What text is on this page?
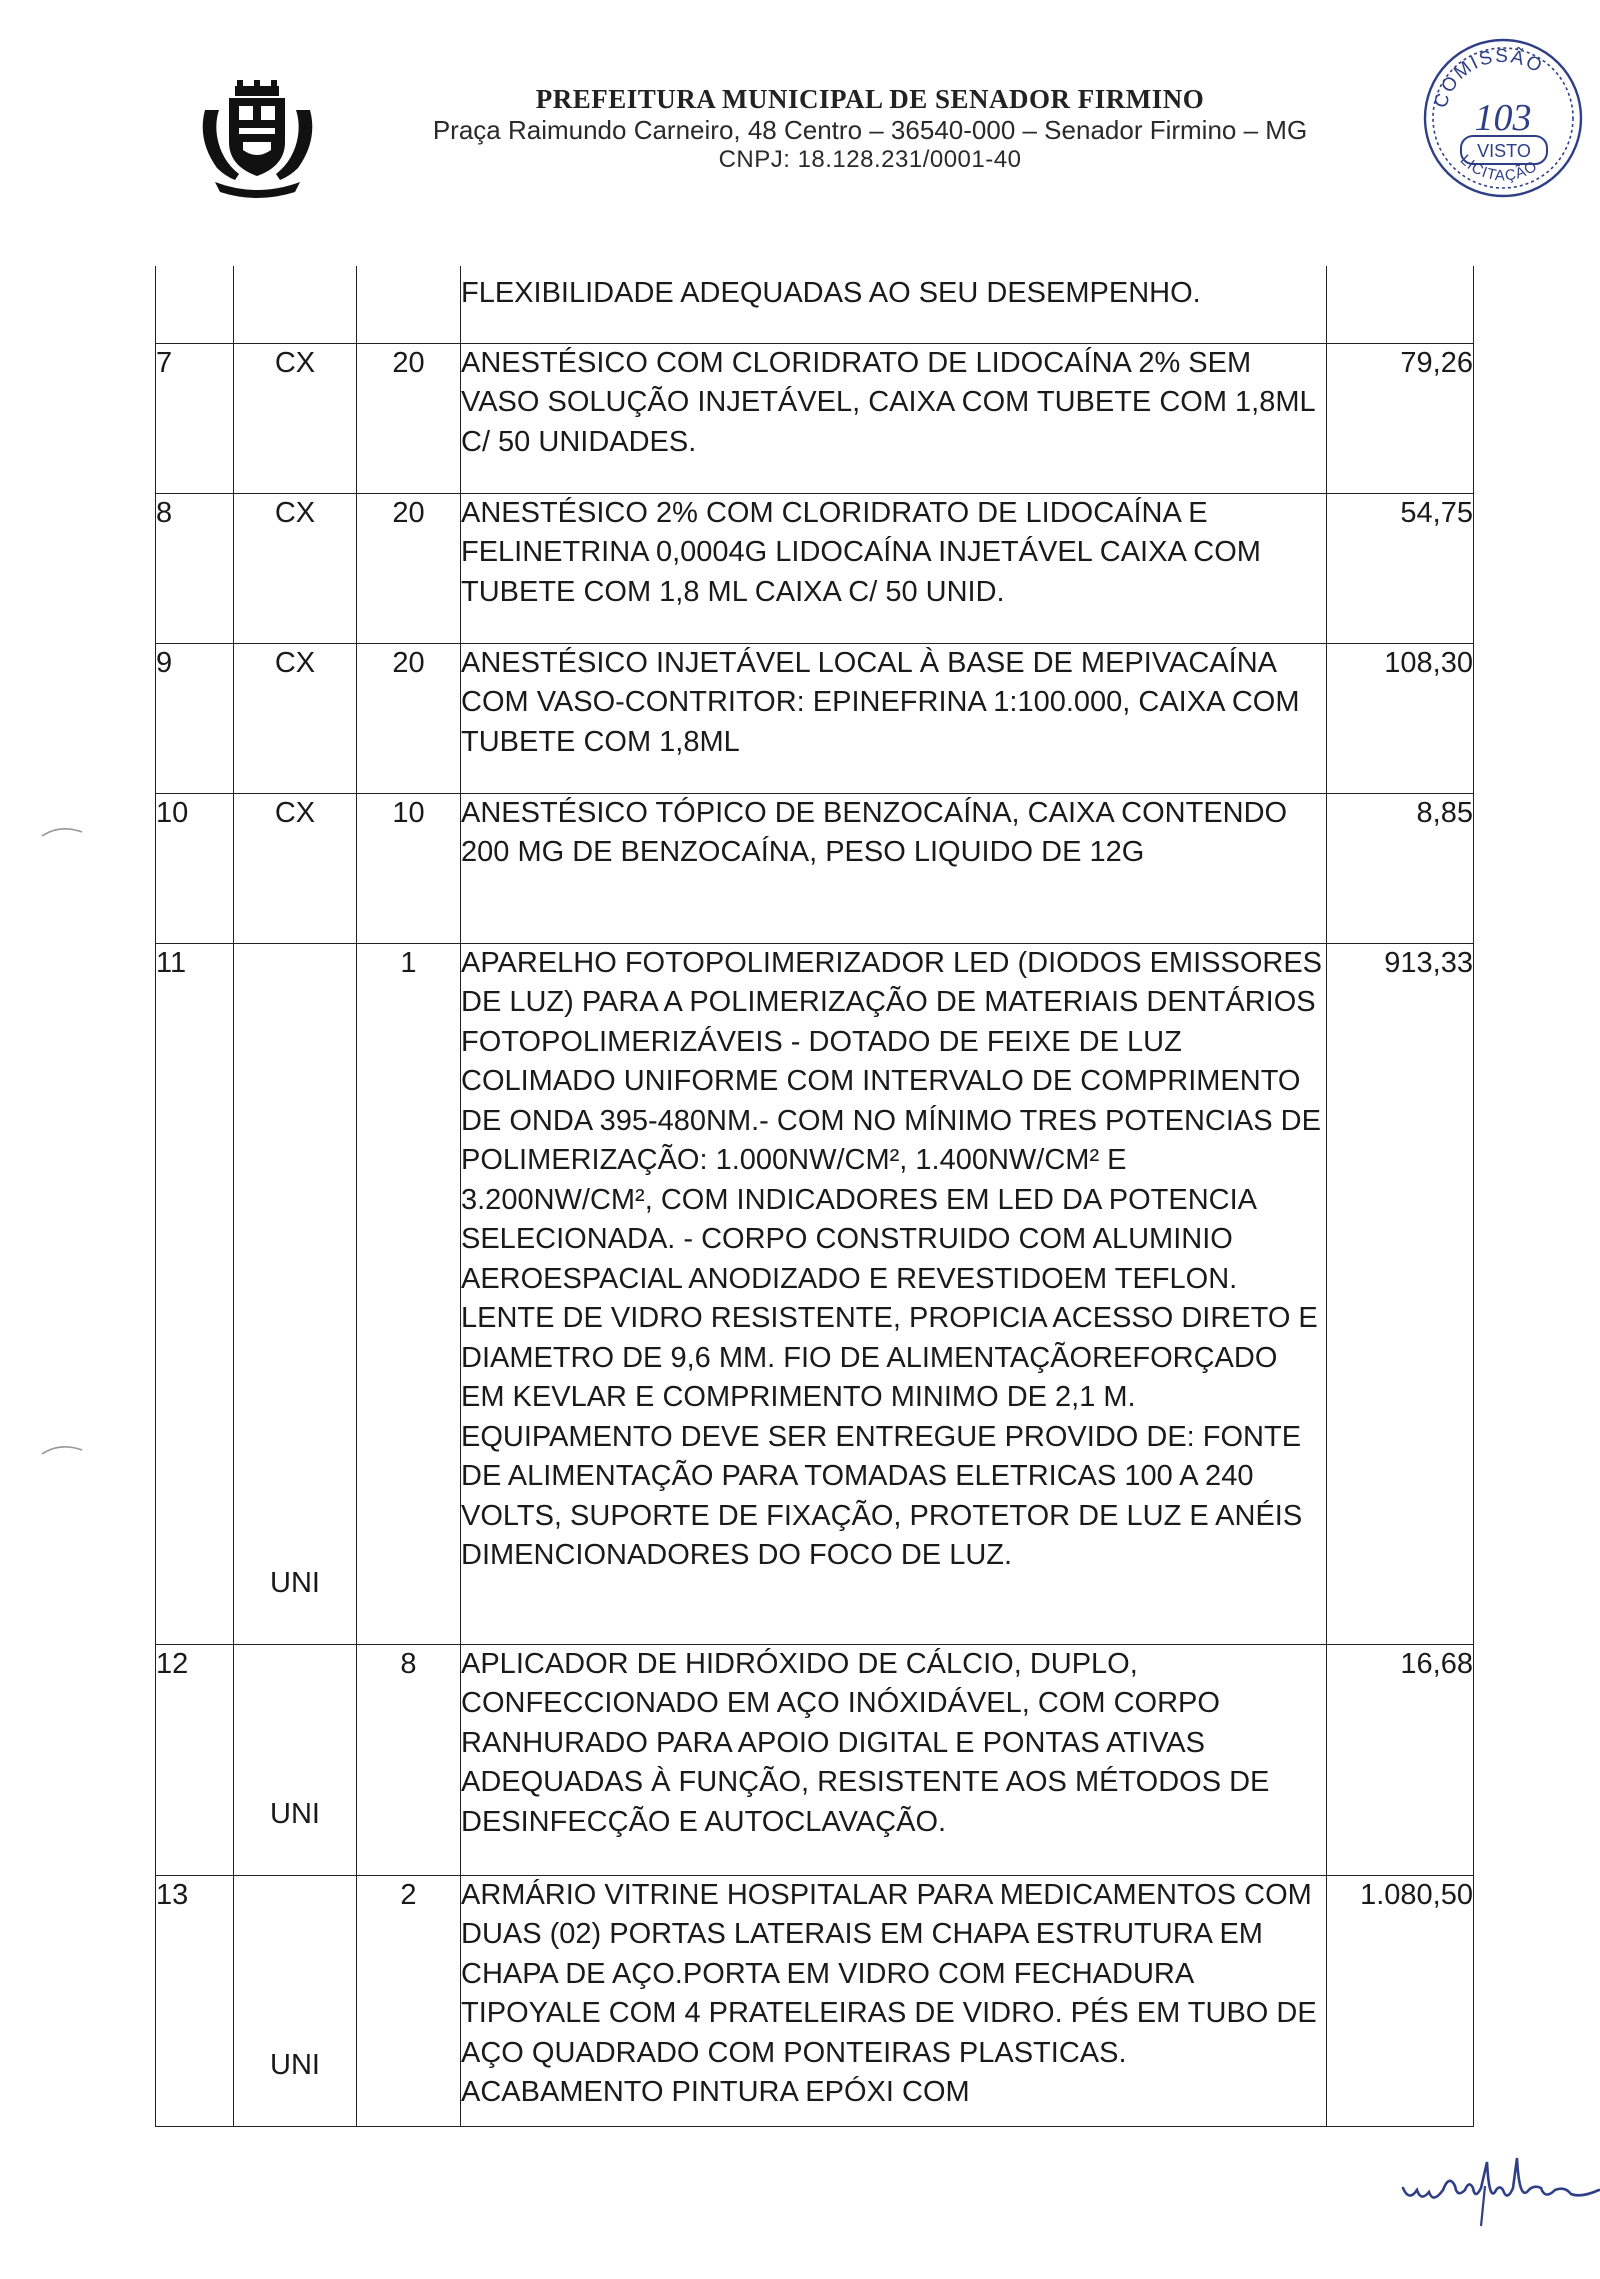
PREFEITURA MUNICIPAL DE SENADOR FIRMINO
Praça Raimundo Carneiro, 48 Centro – 36540-000 – Senador Firmino – MG
CNPJ: 18.128.231/0001-40
COMISSÃO
103
VISTO
LICITAÇÃO
			FLEXIBILIDADE ADEQUADAS AO SEU DESEMPENHO.	
7	CX	20	ANESTÉSICO COM CLORIDRATO DE LIDOCAÍNA 2% SEM VASO SOLUÇÃO INJETÁVEL, CAIXA COM TUBETE COM 1,8ML C/ 50 UNIDADES.	79,26
8	CX	20	ANESTÉSICO 2% COM CLORIDRATO DE LIDOCAÍNA E FELINETRINA 0,0004G LIDOCAÍNA INJETÁVEL CAIXA COM TUBETE COM 1,8 ML CAIXA C/ 50 UNID.	54,75
9	CX	20	ANESTÉSICO INJETÁVEL LOCAL À BASE DE MEPIVACAÍNA COM VASO-CONTRITOR: EPINEFRINA 1:100.000, CAIXA COM TUBETE COM 1,8ML	108,30
10	CX	10	ANESTÉSICO TÓPICO DE BENZOCAÍNA, CAIXA CONTENDO 200 MG DE BENZOCAÍNA, PESO LIQUIDO DE 12G	8,85
11	UNI	1	APARELHO FOTOPOLIMERIZADOR LED (DIODOS EMISSORES DE LUZ) PARA A POLIMERIZAÇÃO DE MATERIAIS DENTÁRIOS FOTOPOLIMERIZÁVEIS - DOTADO DE FEIXE DE LUZ COLIMADO UNIFORME COM INTERVALO DE COMPRIMENTO DE ONDA 395-480NM.- COM NO MÍNIMO TRES POTENCIAS DE POLIMERIZAÇÃO: 1.000NW/CM², 1.400NW/CM² E 3.200NW/CM², COM INDICADORES EM LED DA POTENCIA SELECIONADA. - CORPO CONSTRUIDO COM ALUMINIO AEROESPACIAL ANODIZADO E REVESTIDOEM TEFLON. LENTE DE VIDRO RESISTENTE, PROPICIA ACESSO DIRETO E DIAMETRO DE 9,6 MM. FIO DE ALIMENTAÇÃOREFORÇADO EM KEVLAR E COMPRIMENTO MINIMO DE 2,1 M. EQUIPAMENTO DEVE SER ENTREGUE PROVIDO DE: FONTE DE ALIMENTAÇÃO PARA TOMADAS ELETRICAS 100 A 240 VOLTS, SUPORTE DE FIXAÇÃO, PROTETOR DE LUZ E ANÉIS DIMENCIONADORES DO FOCO DE LUZ.	913,33
12	UNI	8	APLICADOR DE HIDRÓXIDO DE CÁLCIO, DUPLO, CONFECCIONADO EM AÇO INÓXIDÁVEL, COM CORPO RANHURADO PARA APOIO DIGITAL E PONTAS ATIVAS ADEQUADAS À FUNÇÃO, RESISTENTE AOS MÉTODOS DE DESINFECÇÃO E AUTOCLAVAÇÃO.	16,68
13	UNI	2	ARMÁRIO VITRINE HOSPITALAR PARA MEDICAMENTOS COM DUAS (02) PORTAS LATERAIS EM CHAPA ESTRUTURA EM CHAPA DE AÇO.PORTA EM VIDRO COM FECHADURA TIPOYALE COM 4 PRATELEIRAS DE VIDRO. PÉS EM TUBO DE AÇO QUADRADO COM PONTEIRAS PLASTICAS. ACABAMENTO PINTURA EPÓXI COM	1.080,50
